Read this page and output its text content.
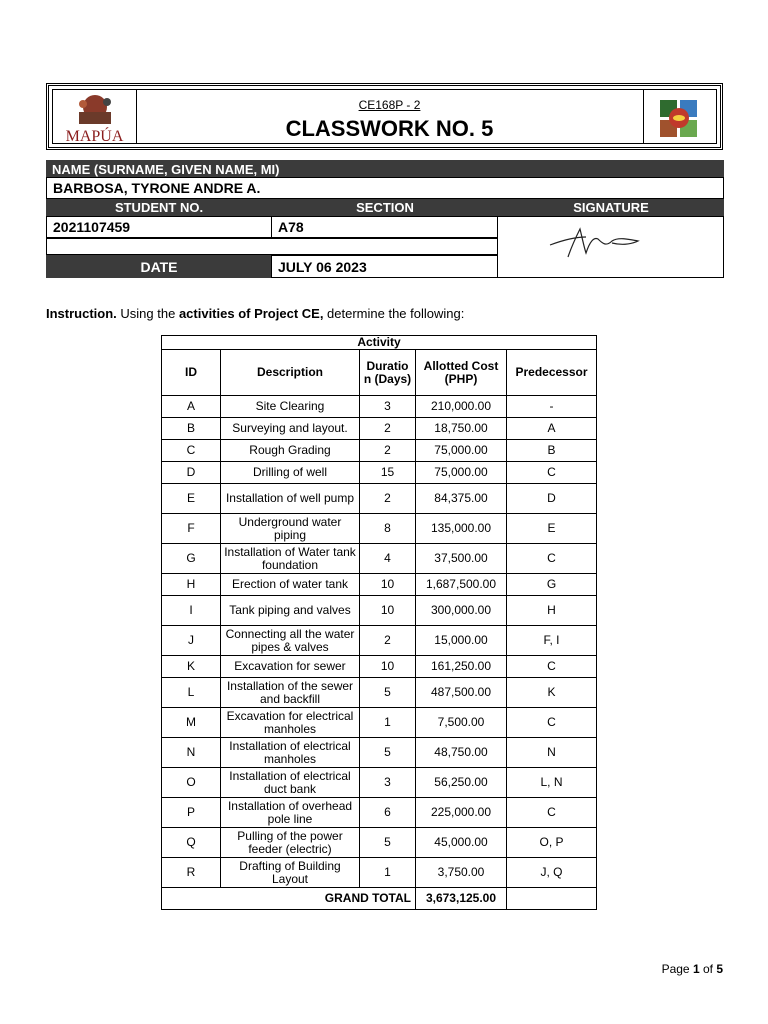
MAPÚA
CE168P - 2
CLASSWORK NO. 5
NAME (SURNAME, GIVEN NAME, MI)
BARBOSA, TYRONE ANDRE A.
STUDENT NO.	SECTION	SIGNATURE
2021107459	A78
DATE	JULY 06 2023
Instruction. Using the activities of Project CE, determine the following:
Activity				
ID	Description	Duratio n (Days)	Allotted Cost (PHP)	Predecessor
A	Site Clearing	3	210,000.00	-
B	Surveying and layout.	2	18,750.00	A
C	Rough Grading	2	75,000.00	B
D	Drilling of well	15	75,000.00	C
E	Installation of well pump	2	84,375.00	D
F	Underground water piping	8	135,000.00	E
G	Installation of Water tank foundation	4	37,500.00	C
H	Erection of water tank	10	1,687,500.00	G
I	Tank piping and valves	10	300,000.00	H
J	Connecting all the water pipes & valves	2	15,000.00	F, I
K	Excavation for sewer	10	161,250.00	C
L	Installation of the sewer and backfill	5	487,500.00	K
M	Excavation for electrical manholes	1	7,500.00	C
N	Installation of electrical manholes	5	48,750.00	N
O	Installation of electrical duct bank	3	56,250.00	L, N
P	Installation of overhead pole line	6	225,000.00	C
Q	Pulling of the power feeder (electric)	5	45,000.00	O, P
R	Drafting of Building Layout	1	3,750.00	J, Q
GRAND TOTAL			3,673,125.00	
Page 1 of 5
